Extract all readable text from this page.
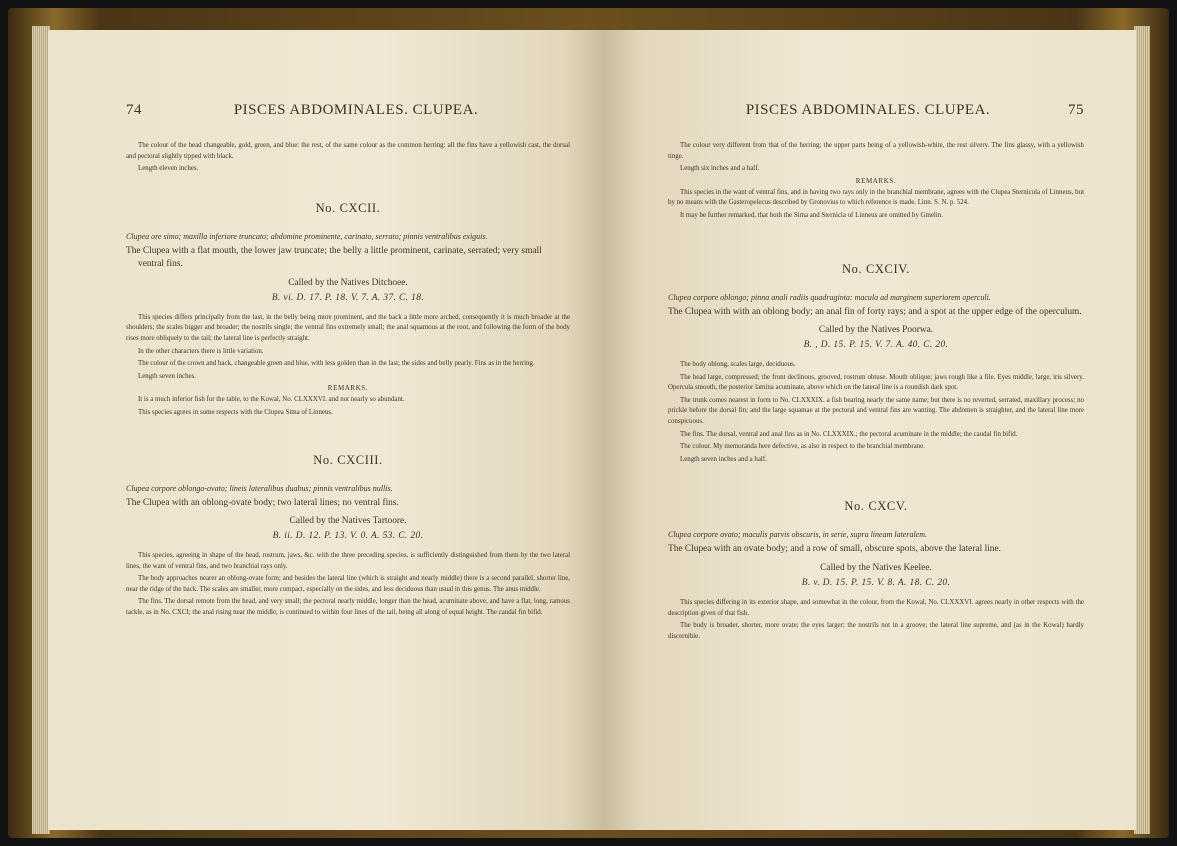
74	PISCES ABDOMINALES. CLUPEA.

The colour of the head changeable, gold, green, and blue: the rest, of the same colour as the common herring: all the fins have a yellowish cast, the dorsal and pectoral slightly tipped with black.

Length eleven inches.

No. CXCII.

Clupea ore simo; maxilla inferiore truncato; abdomine prominente, carinato, serrato; pinnis ventralibus exiguis.

The Clupea with a flat mouth, the lower jaw truncate; the belly a little prominent, carinate, serrated; very small ventral fins.

Called by the Natives Ditchoee.
B. vi. D. 17. P. 18. V. 7. A. 37. C. 18.

This species differs principally from the last, in the belly being more prominent, and the back a little more arched, consequently it is much broader at the shoulders; the scales bigger and broader; the nostrils single; the ventral fins extremely small; the anal squamous at the root, and following the form of the body rises more obliquely to the tail; the lateral line is perfectly straight.

In the other characters there is little variation.

The colour of the crown and back, changeable green and blue, with less golden than in the last; the sides and belly pearly. Fins as in the herring.

Length seven inches.

REMARKS.

It is a much inferior fish for the table, to the Kowal, No. CLXXXVI. and not nearly so abundant.

This species agrees in some respects with the Clupea Sima of Linneus.

No. CXCIII.

Clupea corpore oblongo-ovato; lineis lateralibus duabus; pinnis ventralibus nullis.

The Clupea with an oblong-ovate body; two lateral lines; no ventral fins.

Called by the Natives Tartoore.
B. ii. D. 12. P. 13. V. 0. A. 53. C. 20.

This species, agreeing in shape of the head, rostrum, jaws, &c. with the three preceding species, is sufficiently distinguished from them by the two lateral lines, the want of ventral fins, and two branchial rays only.

The body approaches nearer an oblong-ovate form; and besides the lateral line (which is straight and nearly middle) there is a second parallel, shorter line, near the ridge of the back. The scales are smaller, more compact, especially on the sides, and less deciduous than usual in this genus. The anus middle.

The fins. The dorsal remote from the head, and very small; the pectoral nearly middle, longer than the head, acuminate above, and have a flat, long, ramous tackle, as in No. CXCI; the anal rising near the middle, is continued to within four lines of the tail, being all along of equal height. The caudal fin bifid.

PISCES ABDOMINALES. CLUPEA.	75

The colour very different from that of the herring; the upper parts being of a yellowish-white, the rest silvery. The fins glassy, with a yellowish tinge.

Length six inches and a half.

REMARKS.

This species in the want of ventral fins, and in having two rays only in the branchial membrane, agrees with the Clupea Sternicula of Linneus, but by no means with the Gasteropelecus described by Gronovius to which reference is made. Linn. S. N. p. 524.

It may be further remarked, that both the Sima and Sternicla of Linneus are omitted by Gmelin.

No. CXCIV.

Clupea corpore oblongo; pinna anali radiis quadraginta: macula ad marginem superiorem operculi.

The Clupea with with an oblong body; an anal fin of forty rays; and a spot at the upper edge of the operculum.

Called by the Natives Poorwa.
B. , D. 15. P. 15. V. 7. A. 40. C. 20.

The body oblong, scales large, deciduous.

The head large, compressed; the front declinous, grooved, rostrum obtuse. Mouth oblique; jaws rough like a file. Eyes middle, large, iris silvery. Opercula smooth, the posterior lamina acuminate, above which on the lateral line is a roundish dark spot.

The trunk comes nearest in form to No. CLXXXIX. a fish bearing nearly the same name; but there is no reverted, serrated, maxillary process; no prickle before the dorsal fin; and the large squamae at the pectoral and ventral fins are wanting. The abdomen is straighter, and the lateral line more conspicuous.

The fins. The dorsal, ventral and anal fins as in No. CLXXXIX.; the pectoral acuminate in the middle; the caudal fin bifid.

The colour. My memoranda here defective, as also in respect to the branchial membrane.

Length seven inches and a half.

No. CXCV.

Clupea corpore ovato; maculis parvis obscuris, in serie, supra lineam lateralem.

The Clupea with an ovate body; and a row of small, obscure spots, above the lateral line.

Called by the Natives Keelee.
B. v. D. 15. P. 15. V. 8. A. 18. C. 20.

This species differing in its exterior shape, and somewhat in the colour, from the Kowal, No. CLXXXVI. agrees nearly in other respects with the description given of that fish.

The body is broader, shorter, more ovate; the eyes larger; the nostrils not in a groove; the lateral line supreme, and (as in the Kowal) hardly discernible.
